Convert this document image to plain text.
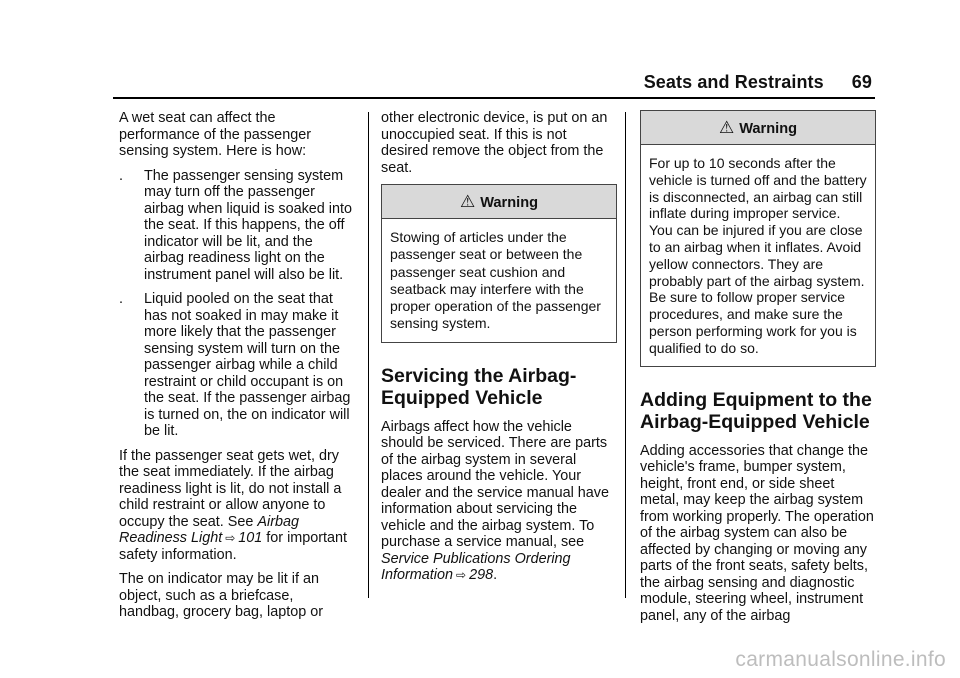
Seats and Restraints 69

A wet seat can affect the performance of the passenger sensing system. Here is how:

.	The passenger sensing system may turn off the passenger airbag when liquid is soaked into the seat. If this happens, the off indicator will be lit, and the airbag readiness light on the instrument panel will also be lit.
.	Liquid pooled on the seat that has not soaked in may make it more likely that the passenger sensing system will turn on the passenger airbag while a child restraint or child occupant is on the seat. If the passenger airbag is turned on, the on indicator will be lit.

If the passenger seat gets wet, dry the seat immediately. If the airbag readiness light is lit, do not install a child restraint or allow anyone to occupy the seat. See Airbag Readiness Light ⇨ 101 for important safety information.

The on indicator may be lit if an object, such as a briefcase, handbag, grocery bag, laptop or

other electronic device, is put on an unoccupied seat. If this is not desired remove the object from the seat.

⚠ Warning
Stowing of articles under the passenger seat or between the passenger seat cushion and seatback may interfere with the proper operation of the passenger sensing system.
Servicing the Airbag-Equipped Vehicle

Airbags affect how the vehicle should be serviced. There are parts of the airbag system in several places around the vehicle. Your dealer and the service manual have information about servicing the vehicle and the airbag system. To purchase a service manual, see Service Publications Ordering Information ⇨ 298.

⚠ Warning
For up to 10 seconds after the vehicle is turned off and the battery is disconnected, an airbag can still inflate during improper service. You can be injured if you are close to an airbag when it inflates. Avoid yellow connectors. They are probably part of the airbag system. Be sure to follow proper service procedures, and make sure the person performing work for you is qualified to do so.
Adding Equipment to the Airbag-Equipped Vehicle

Adding accessories that change the vehicle's frame, bumper system, height, front end, or side sheet metal, may keep the airbag system from working properly. The operation of the airbag system can also be affected by changing or moving any parts of the front seats, safety belts, the airbag sensing and diagnostic module, steering wheel, instrument panel, any of the airbag

carmanualsonline.info
